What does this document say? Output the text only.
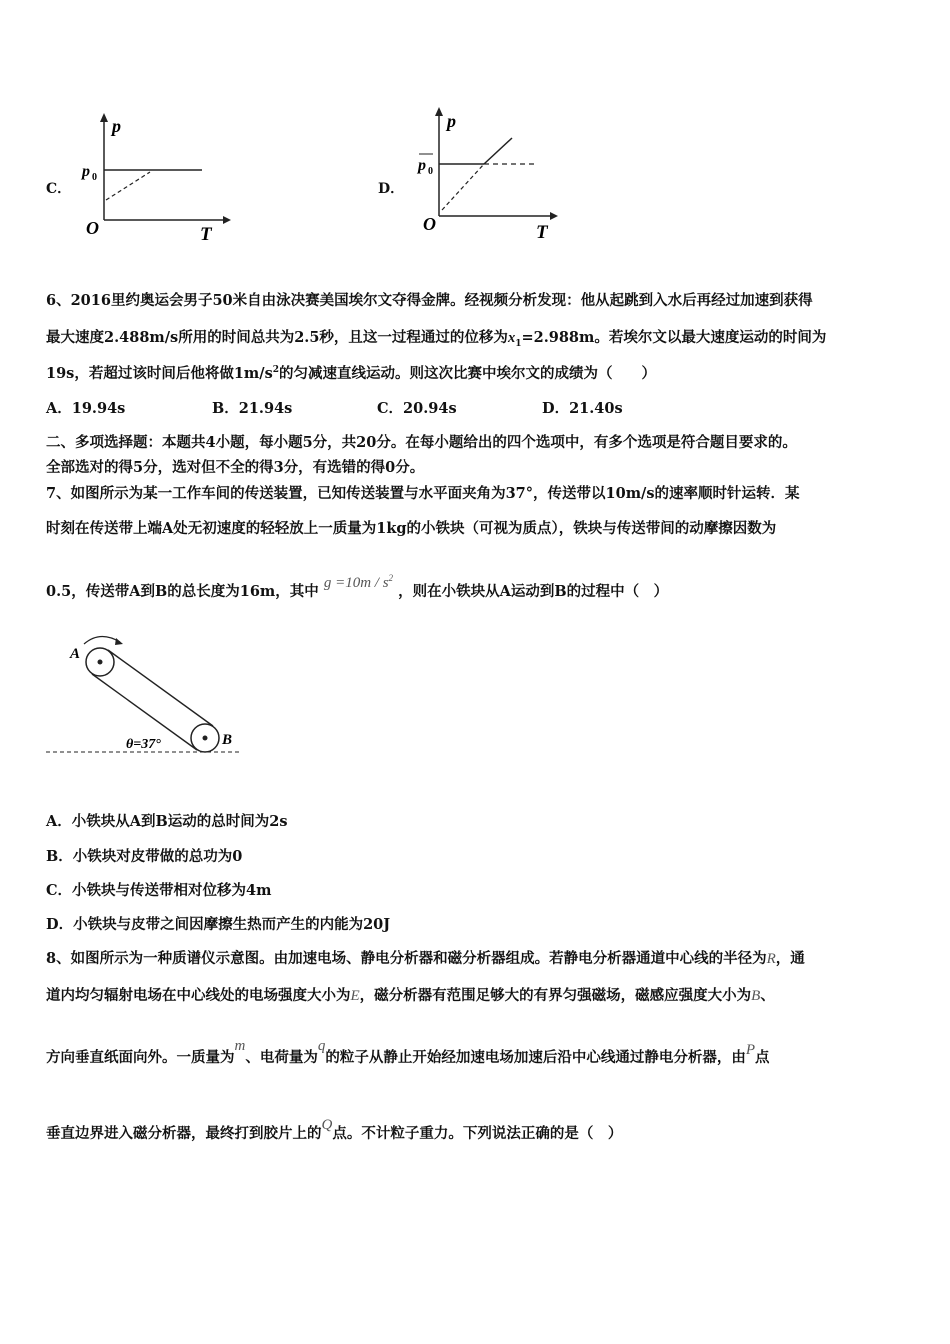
C．
p
p 0
O	T
D．
p
p 0
O	T
6、2016里约奥运会男子50米自由泳决赛美国埃尔文夺得金牌。经视频分析发现：他从起跳到入水后再经过加速到获得
最大速度2.488m/s所用的时间总共为2.5秒，且这一过程通过的位移为$x_1=2.988m$。若埃尔文以最大速度运动的时间为
19s，若超过该时间后他将做$1m/s^2$的匀减速直线运动。则这次比赛中埃尔文的成绩为（　　）
A．19.94s	B．21.94s	C．20.94s	D．21.40s
二、多项选择题：本题共4小题，每小题5分，共20分。在每小题给出的四个选项中，有多个选项是符合题目要求的。
全部选对的得5分，选对但不全的得3分，有选错的得0分。
7、如图所示为某一工作车间的传送装置，已知传送装置与水平面夹角为37°，传送带以10m/s的速率顺时针运转．某
时刻在传送带上端A处无初速度的轻轻放上一质量为1kg的小铁块（可视为质点），铁块与传送带间的动摩擦因数为
0.5，传送带A到B的总长度为16m，其中 $g =10m / s^2$ ，则在小铁块从A运动到B的过程中（　）
A
B
θ=37°
A．小铁块从A到B运动的总时间为2s
B．小铁块对皮带做的总功为0
C．小铁块与传送带相对位移为4m
D．小铁块与皮带之间因摩擦生热而产生的内能为20J
8、如图所示为一种质谱仪示意图。由加速电场、静电分析器和磁分析器组成。若静电分析器通道中心线的半径为R，通
道内均匀辐射电场在中心线处的电场强度大小为E，磁分析器有范围足够大的有界匀强磁场，磁感应强度大小为B、
方向垂直纸面向外。一质量为m、电荷量为q的粒子从静止开始经加速电场加速后沿中心线通过静电分析器，由P点
垂直边界进入磁分析器，最终打到胶片上的Q点。不计粒子重力。下列说法正确的是（　）
